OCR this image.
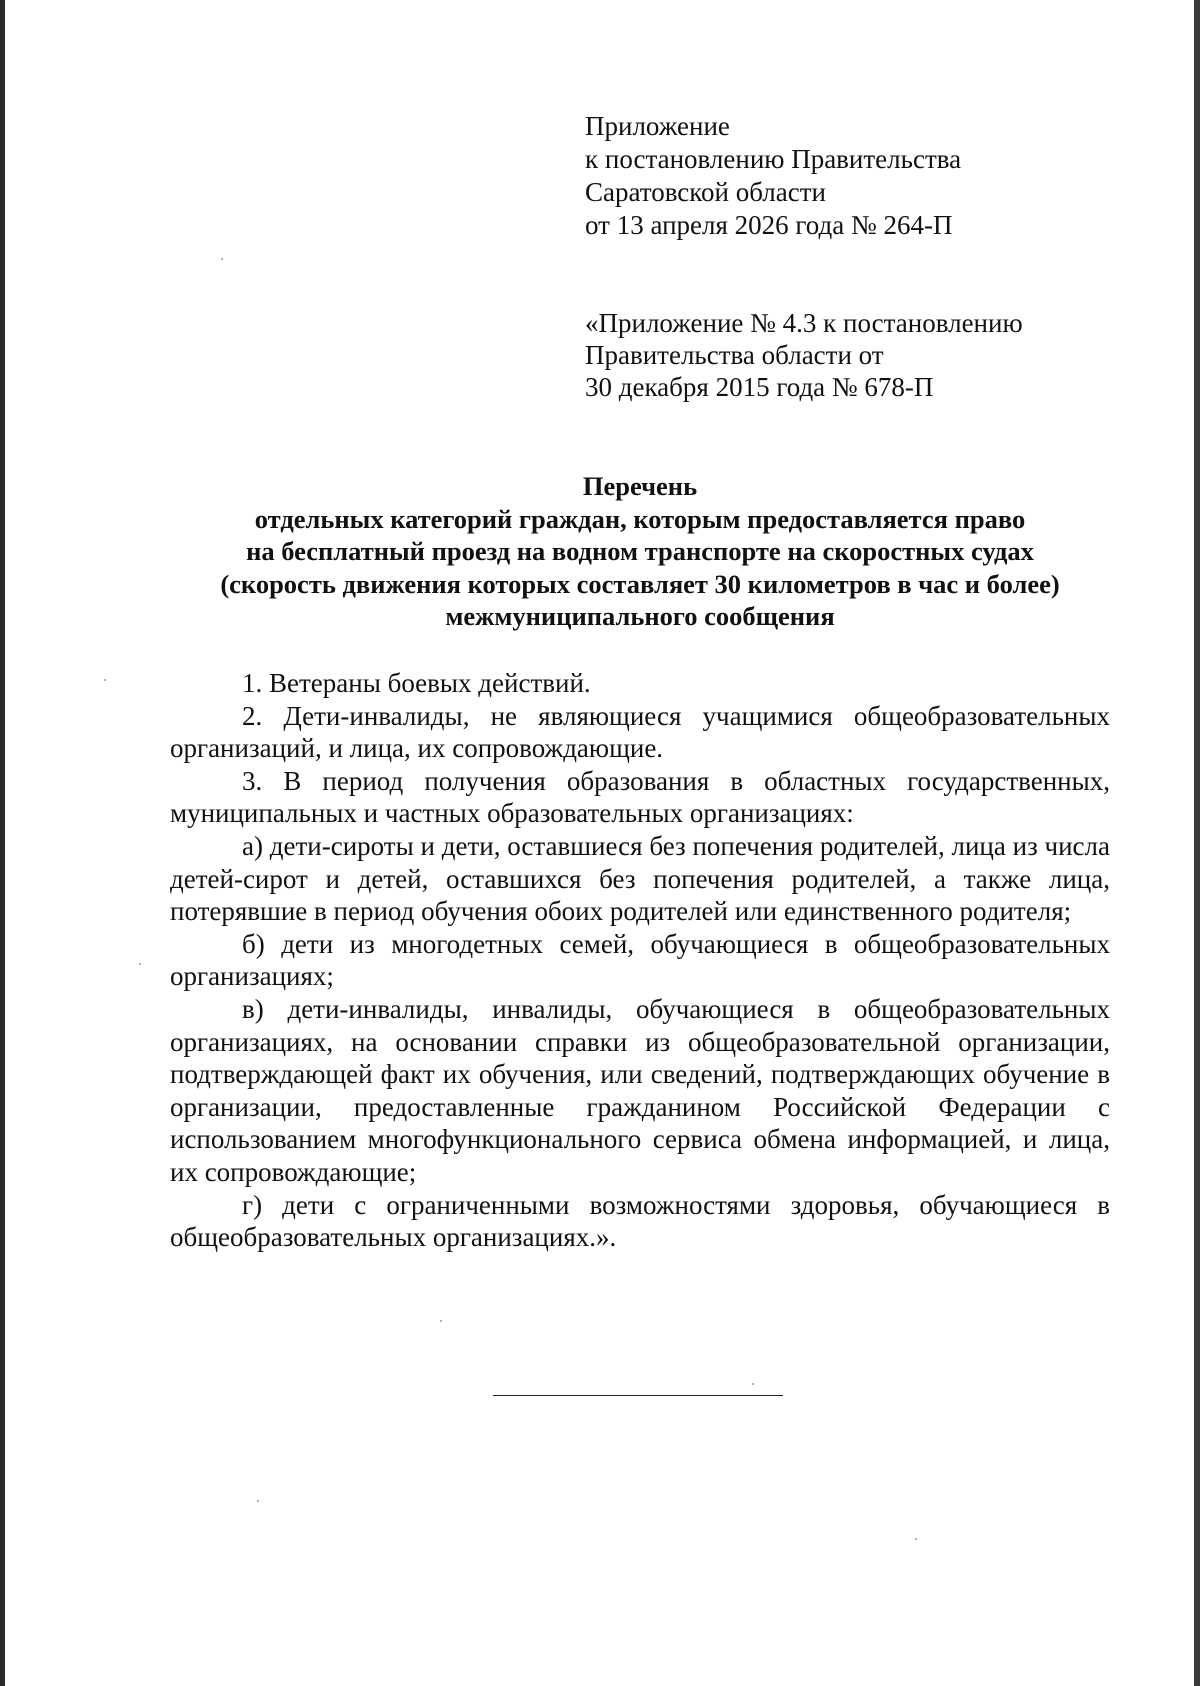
Приложение
к постановлению Правительства
Саратовской области
от 13 апреля 2026 года № 264-П
«Приложение № 4.3 к постановлению
Правительства области от
30 декабря 2015 года № 678-П
Перечень
отдельных категорий граждан, которым предоставляется право
на бесплатный проезд на водном транспорте на скоростных судах
(скорость движения которых составляет 30 километров в час и более)
межмуниципального сообщения

1. Ветераны боевых действий.

2. Дети-инвалиды, не являющиеся учащимися общеобразовательных организаций, и лица, их сопровождающие.

3. В период получения образования в областных государственных, муниципальных и частных образовательных организациях:

а) дети-сироты и дети, оставшиеся без попечения родителей, лица из числа детей-сирот и детей, оставшихся без попечения родителей, а также лица, потерявшие в период обучения обоих родителей или единственного родителя;

б) дети из многодетных семей, обучающиеся в общеобразовательных организациях;

в) дети-инвалиды, инвалиды, обучающиеся в общеобразовательных организациях, на основании справки из общеобразовательной организации, подтверждающей факт их обучения, или сведений, подтверждающих обучение в организации, предоставленные гражданином Российской Федерации с использованием многофункционального сервиса обмена информацией, и лица, их сопровождающие;

г) дети с ограниченными возможностями здоровья, обучающиеся в общеобразовательных организациях.».
